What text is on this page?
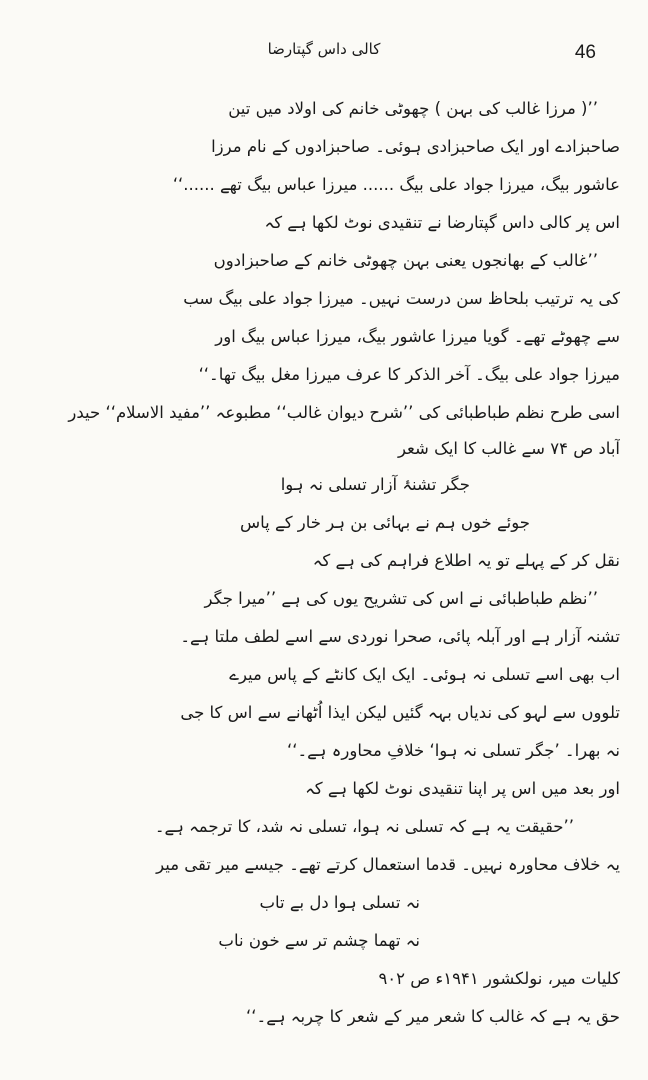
کالی داس گپتارضا	46
’’( مرزا غالب کی بہن ) چھوٹی خانم کی اولاد میں تین
صاحبزادے اور ایک صاحبزادی ہوئی۔ صاحبزادوں کے نام مرزا
عاشور بیگ، میرزا جواد علی بیگ ...... میرزا عباس بیگ تھے ......‘‘
اس پر کالی داس گپتارضا نے تنقیدی نوٹ لکھا ہے کہ
’’غالب کے بھانجوں یعنی بہن چھوٹی خانم کے صاحبزادوں
کی یہ ترتیب بلحاظ سن درست نہیں۔ میرزا جواد علی بیگ سب
سے چھوٹے تھے۔ گویا میرزا عاشور بیگ، میرزا عباس بیگ اور
میرزا جواد علی بیگ۔ آخر الذکر کا عرف میرزا مغل بیگ تھا۔‘‘
اسی طرح نظم طباطبائی کی ’’شرح دیوان غالب‘‘ مطبوعہ ’’مفید الاسلام‘‘ حیدر
آباد ص ۷۴ سے غالب کا ایک شعر
جگر تشنۂ آزار تسلی نہ ہوا
جوئے خوں ہم نے بہائی بن ہر خار کے پاس
نقل کر کے پہلے تو یہ اطلاع فراہم کی ہے کہ
’’نظم طباطبائی نے اس کی تشریح یوں کی ہے ’’میرا جگر
تشنہ آزار ہے اور آبلہ پائی، صحرا نوردی سے اسے لطف ملتا ہے۔
اب بھی اسے تسلی نہ ہوئی۔ ایک ایک کانٹے کے پاس میرے
تلووں سے لہو کی ندیاں بہہ گئیں لیکن ایذا اُٹھانے سے اس کا جی
نہ بھرا۔ ’جگر تسلی نہ ہوا‘ خلافِ محاورہ ہے۔‘‘
اور بعد میں اس پر اپنا تنقیدی نوٹ لکھا ہے کہ
’’حقیقت یہ ہے کہ تسلی نہ ہوا، تسلی نہ شد، کا ترجمہ ہے۔
یہ خلاف محاورہ نہیں۔ قدما استعمال کرتے تھے۔ جیسے میر تقی میر
نہ تسلی ہوا دل بے تاب
نہ تھما چشم تر سے خون ناب
کلیات میر، نولکشور ۱۹۴۱ء ص ۹۰۲
حق یہ ہے کہ غالب کا شعر میر کے شعر کا چربہ ہے۔‘‘
